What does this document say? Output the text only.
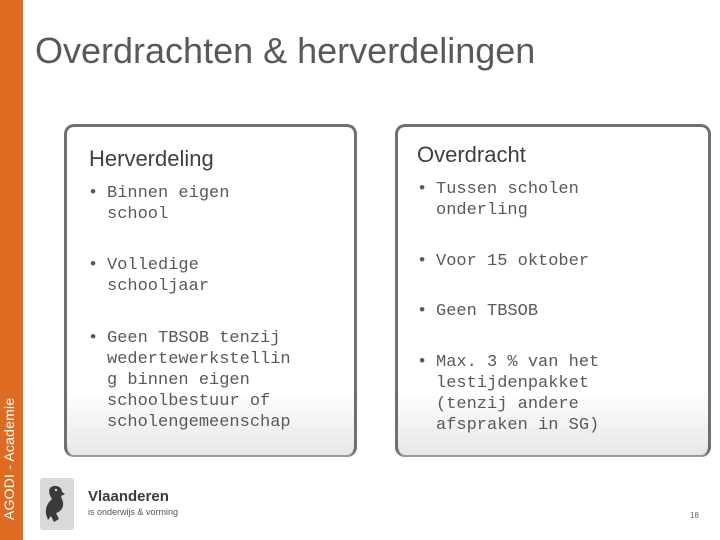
AGODI - Academie
Overdrachten & herverdelingen
Herverdeling	Overdracht
• Binnen eigen
school
• Volledige
schooljaar
• Geen TBSOB tenzij
wedertewerkstellin
g binnen eigen
schoolbestuur of
scholengemeenschap
• Tussen scholen
onderling
• Voor 15 oktober
• Geen TBSOB
• Max. 3 % van het
lestijdenpakket
(tenzij andere
afspraken in SG)
Vlaanderen
is onderwijs & vorming	18
